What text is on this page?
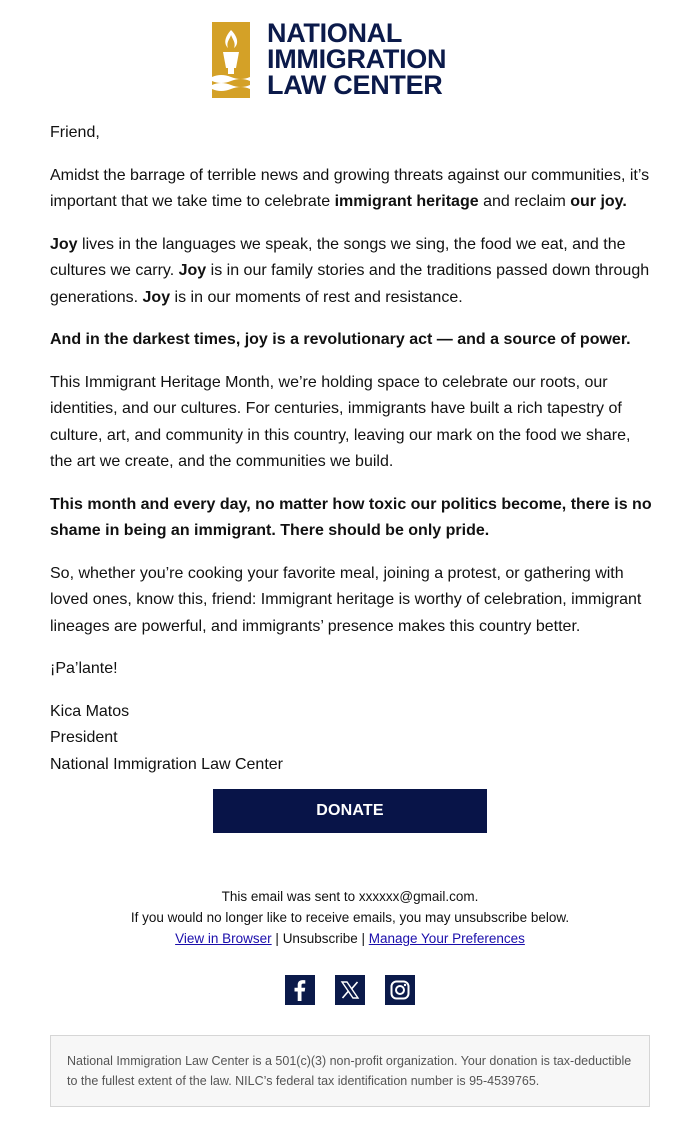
NATIONAL
IMMIGRATION
LAW CENTER

Friend,

Amidst the barrage of terrible news and growing threats against our communities, it’s important that we take time to celebrate immigrant heritage and reclaim our joy.

Joy lives in the languages we speak, the songs we sing, the food we eat, and the cultures we carry. Joy is in our family stories and the traditions passed down through generations. Joy is in our moments of rest and resistance.

And in the darkest times, joy is a revolutionary act — and a source of power.

This Immigrant Heritage Month, we’re holding space to celebrate our roots, our identities, and our cultures. For centuries, immigrants have built a rich tapestry of culture, art, and community in this country, leaving our mark on the food we share, the art we create, and the communities we build.

This month and every day, no matter how toxic our politics become, there is no shame in being an immigrant. There should be only pride.

So, whether you’re cooking your favorite meal, joining a protest, or gathering with loved ones, know this, friend: Immigrant heritage is worthy of celebration, immigrant lineages are powerful, and immigrants’ presence makes this country better.

¡Pa’lante!

Kica Matos
President
National Immigration Law Center

DONATE
This email was sent to xxxxxx@gmail.com.
If you would no longer like to receive emails, you may unsubscribe below.
View in Browser | Unsubscribe | Manage Your Preferences
National Immigration Law Center is a 501(c)(3) non-profit organization. Your donation is tax-deductible to the fullest extent of the law. NILC’s federal tax identification number is 95-4539765.
